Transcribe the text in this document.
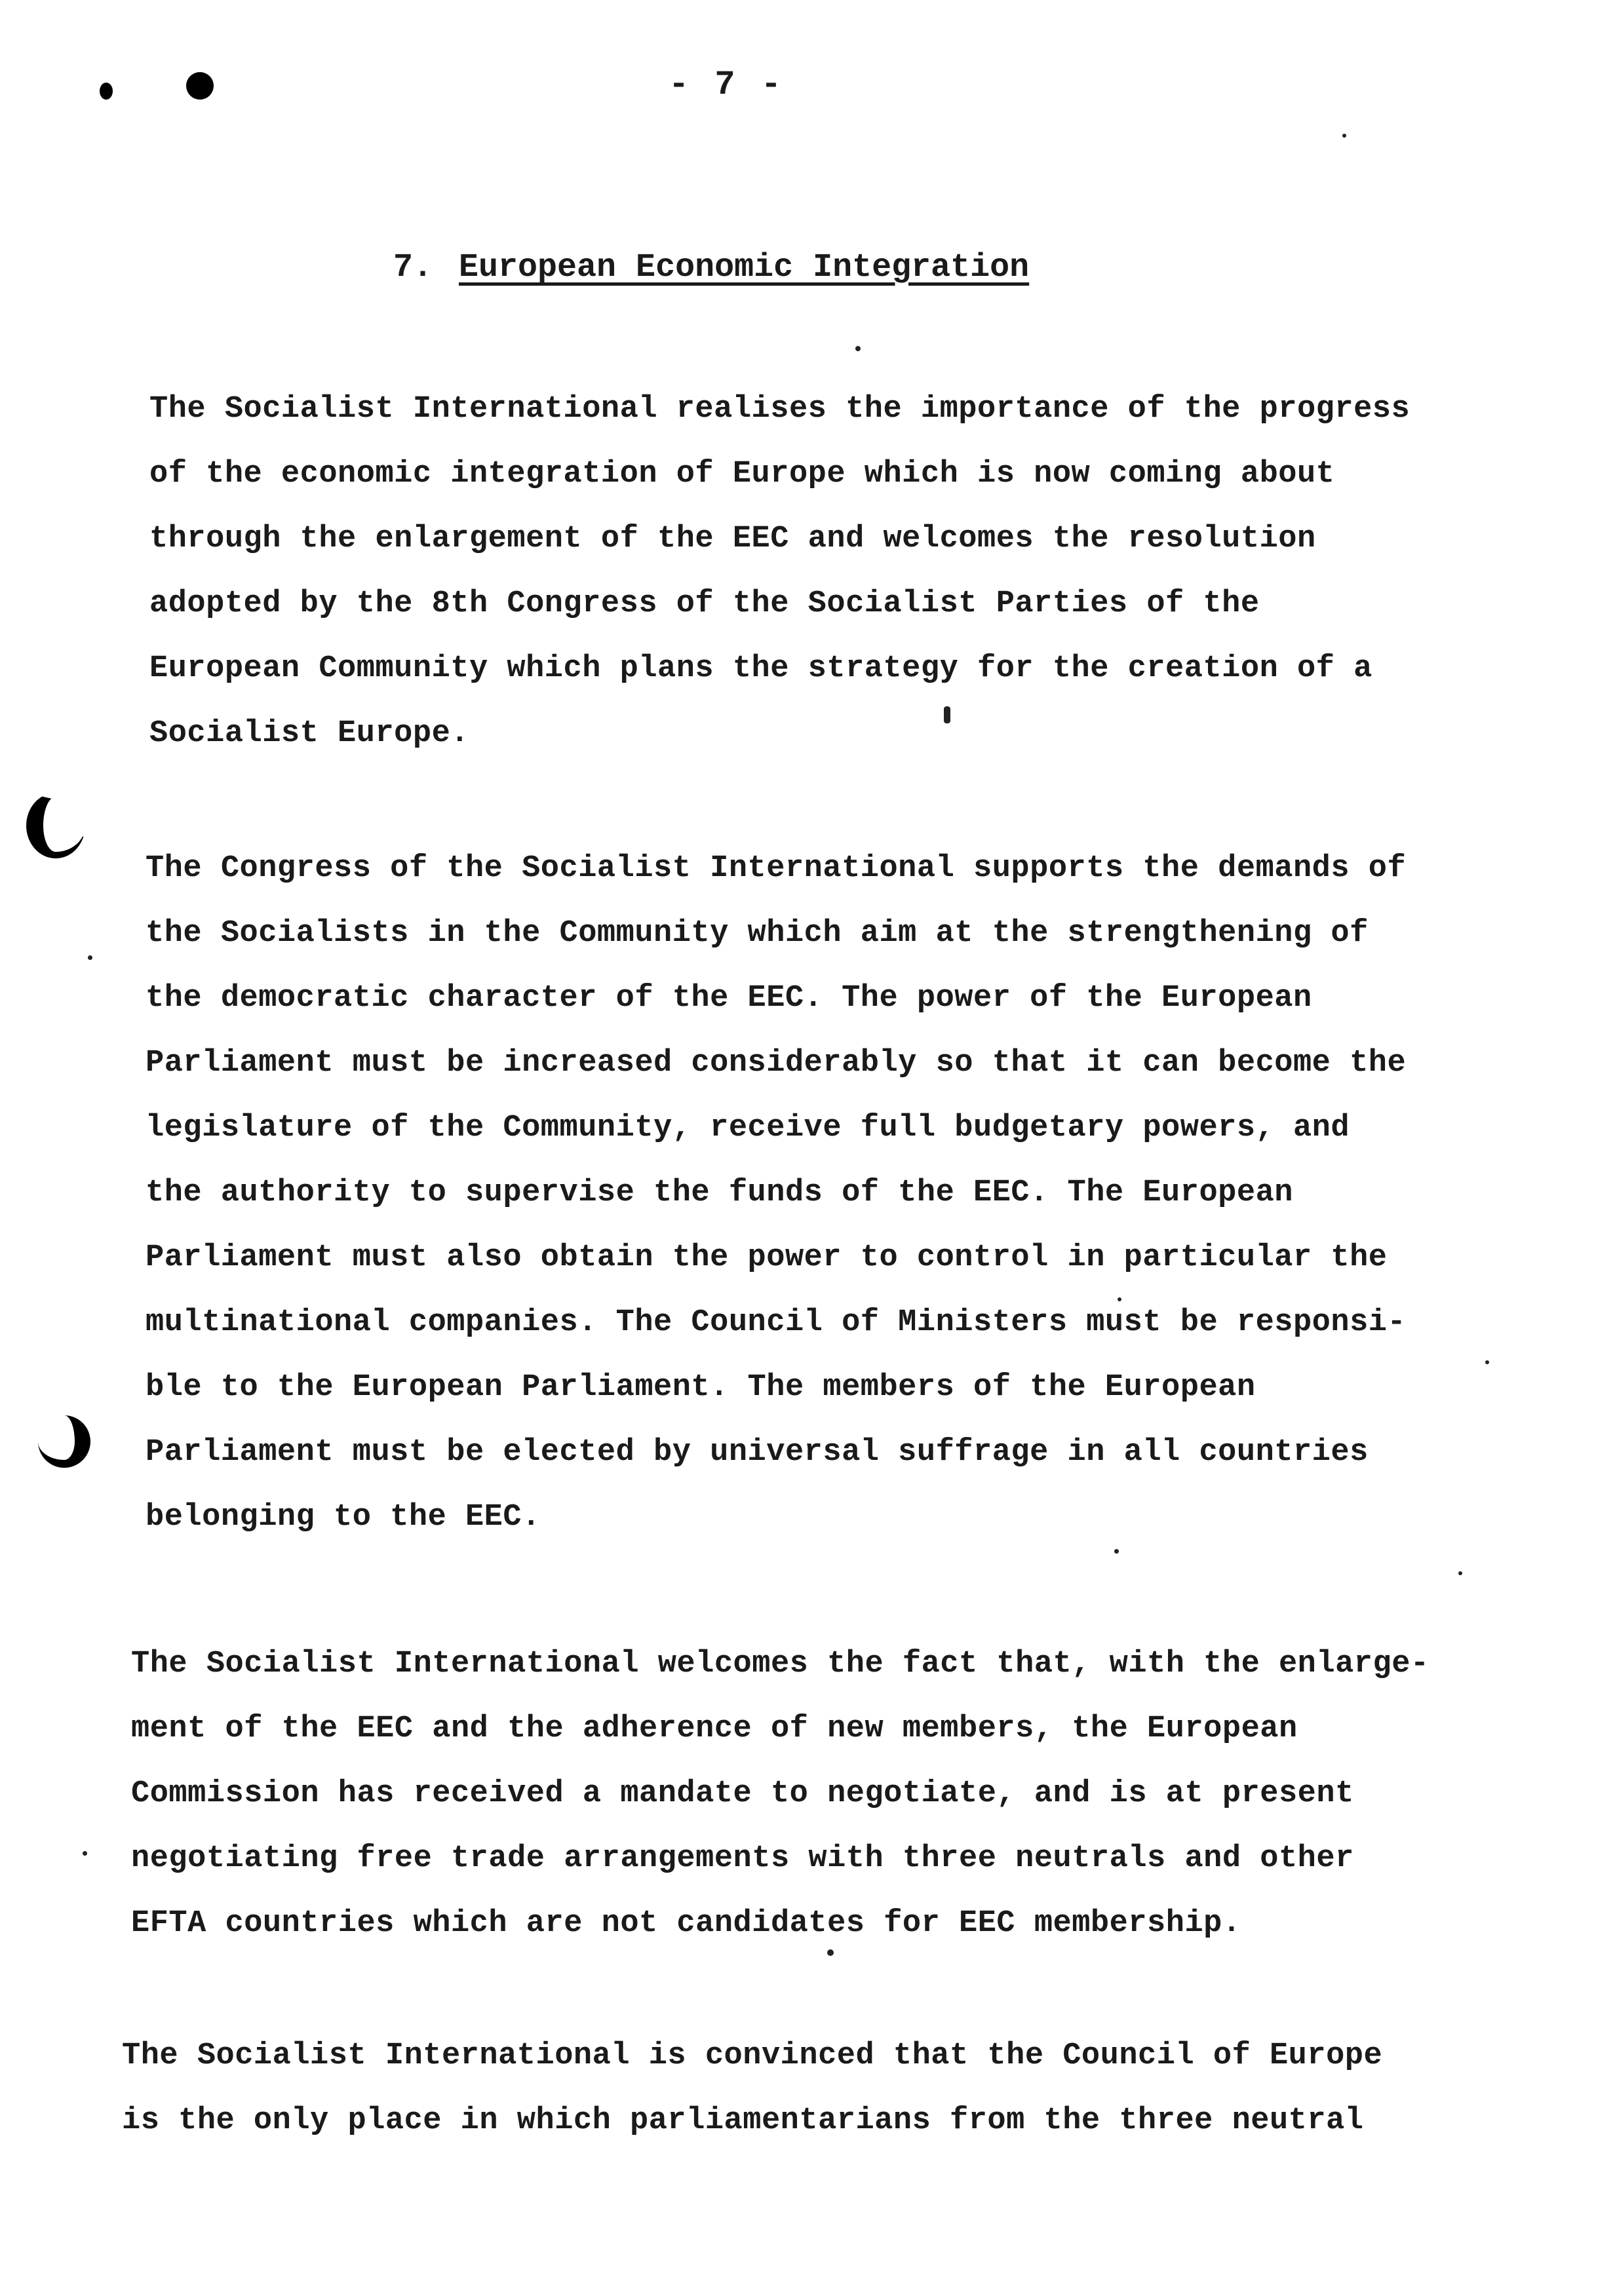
- 7 -
7. European Economic Integration
The Socialist International realises the importance of the progress
of the economic integration of Europe which is now coming about
through the enlargement of the EEC and welcomes the resolution
adopted by the 8th Congress of the Socialist Parties of the
European Community which plans the strategy for the creation of a
Socialist Europe.
The Congress of the Socialist International supports the demands of
the Socialists in the Community which aim at the strengthening of
the democratic character of the EEC. The power of the European
Parliament must be increased considerably so that it can become the
legislature of the Community, receive full budgetary powers, and
the authority to supervise the funds of the EEC. The European
Parliament must also obtain the power to control in particular the
multinational companies. The Council of Ministers must be responsi-
ble to the European Parliament. The members of the European
Parliament must be elected by universal suffrage in all countries
belonging to the EEC.
The Socialist International welcomes the fact that, with the enlarge-
ment of the EEC and the adherence of new members, the European
Commission has received a mandate to negotiate, and is at present
negotiating free trade arrangements with three neutrals and other
EFTA countries which are not candidates for EEC membership.
The Socialist International is convinced that the Council of Europe
is the only place in which parliamentarians from the three neutral
